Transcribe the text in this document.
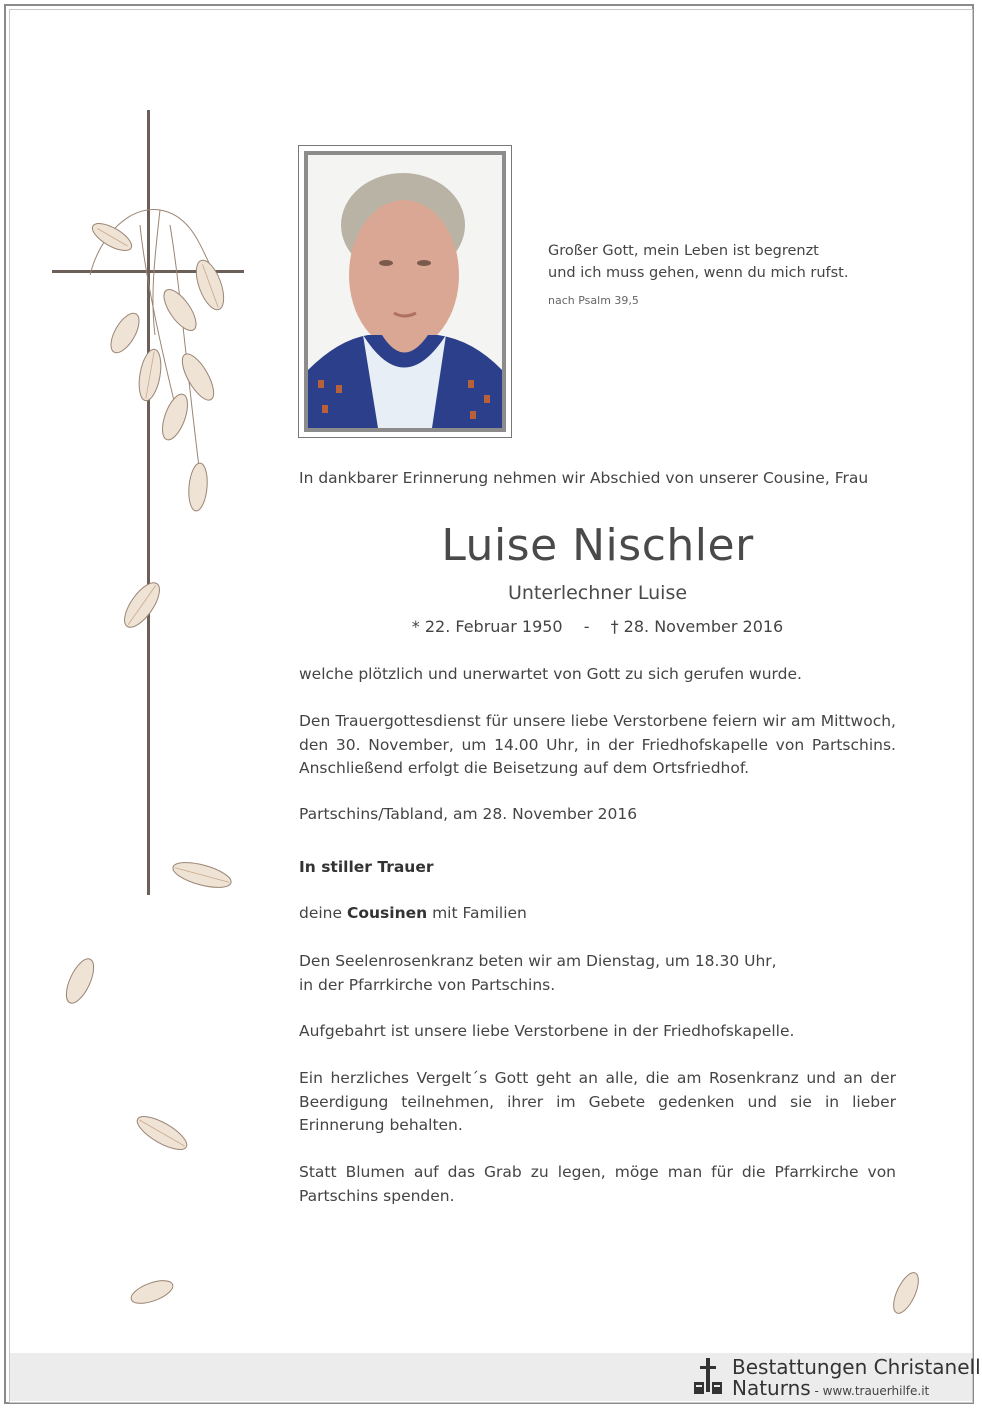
Großer Gott, mein Leben ist begrenzt
und ich muss gehen, wenn du mich rufst.
nach Psalm 39,5
In dankbarer Erinnerung nehmen wir Abschied von unserer Cousine, Frau
Luise Nischler
Unterlechner Luise
* 22. Februar 1950 - † 28. November 2016
welche plötzlich und unerwartet von Gott zu sich gerufen wurde.
Den Trauergottesdienst für unsere liebe Verstorbene feiern wir am Mittwoch, den 30. November, um 14.00 Uhr, in der Friedhofskapelle von Partschins. Anschließend erfolgt die Beisetzung auf dem Ortsfriedhof.
Partschins/Tabland, am 28. November 2016
In stiller Trauer
deine Cousinen mit Familien
Den Seelenrosenkranz beten wir am Dienstag, um 18.30 Uhr,
in der Pfarrkirche von Partschins.
Aufgebahrt ist unsere liebe Verstorbene in der Friedhofskapelle.
Ein herzliches Vergelt´s Gott geht an alle, die am Rosenkranz und an der Beerdigung teilnehmen, ihrer im Gebete gedenken und sie in lieber Erinnerung behalten.
Statt Blumen auf das Grab zu legen, möge man für die Pfarrkirche von Partschins spenden.
Bestattungen Christanell
Naturns - www.trauerhilfe.it
